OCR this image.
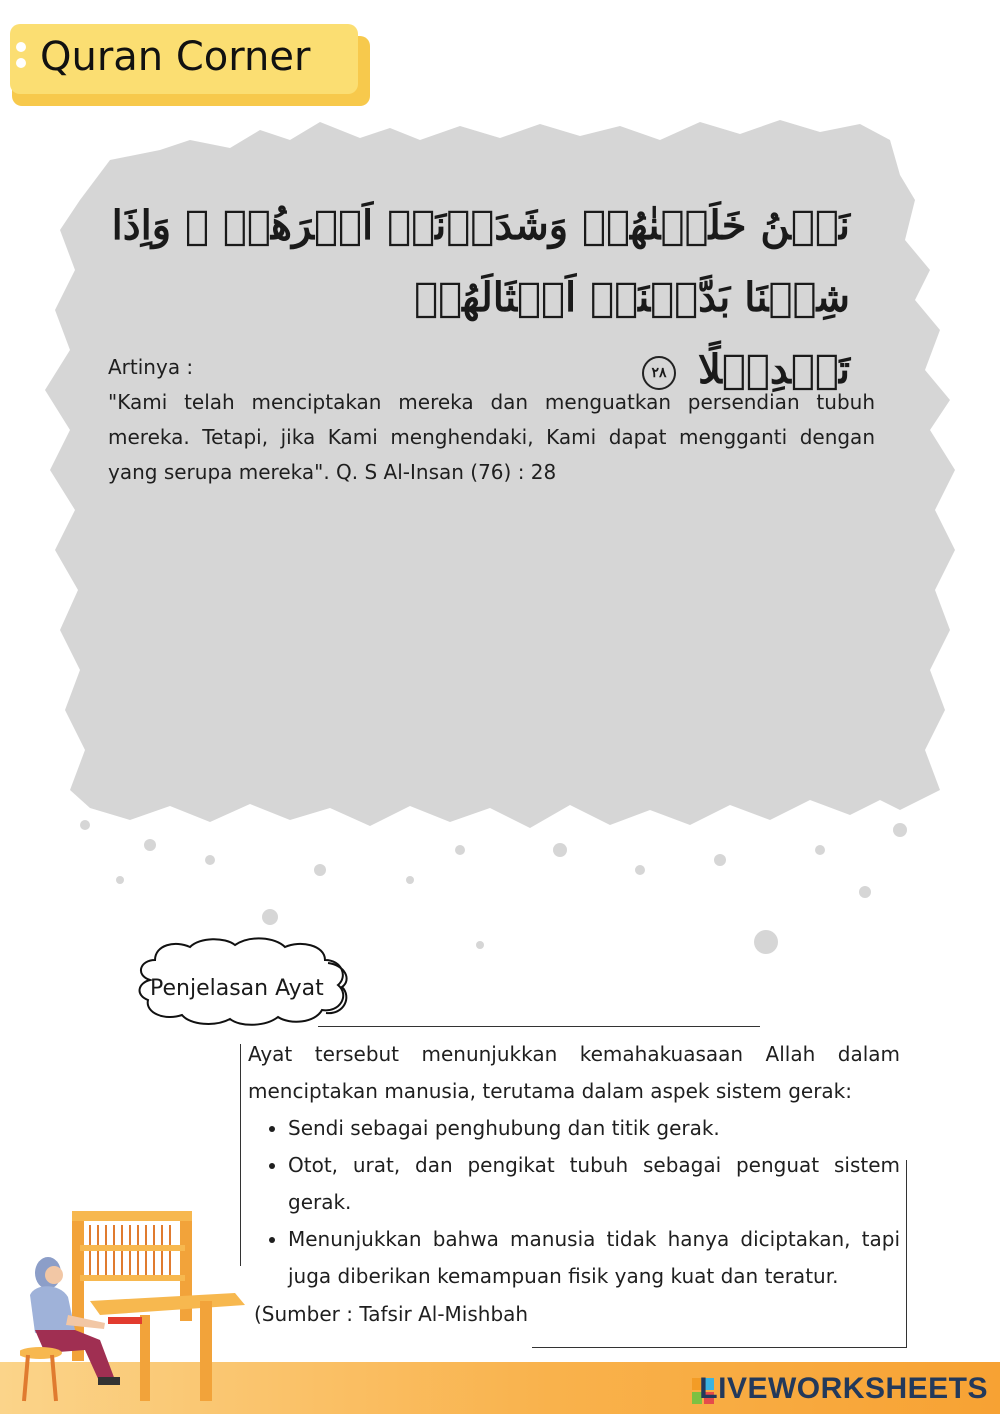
Quran Corner
نَحۡنُ خَلَقۡنٰهُمۡ وَشَدَدۡنَاۤ اَسۡرَهُمۡ ۚ وَاِذَا شِئۡنَا بَدَّلۡنَاۤ اَمۡثَالَهُمۡ
تَبۡدِيۡلًا ٢٨

Artinya :

"Kami telah menciptakan mereka dan menguatkan persendian tubuh mereka. Tetapi, jika Kami menghendaki, Kami dapat mengganti dengan yang serupa mereka". Q. S Al-Insan (76) : 28

Penjelasan Ayat

Ayat tersebut menunjukkan kemahakuasaan Allah dalam menciptakan manusia, terutama dalam aspek sistem gerak:

• Sendi sebagai penghubung dan titik gerak.
• Otot, urat, dan pengikat tubuh sebagai penguat sistem gerak.
• Menunjukkan bahwa manusia tidak hanya diciptakan, tapi juga diberikan kemampuan fisik yang kuat dan teratur.
(Sumber : Tafsir Al-Mishbah
LIVEWORKSHEETS
